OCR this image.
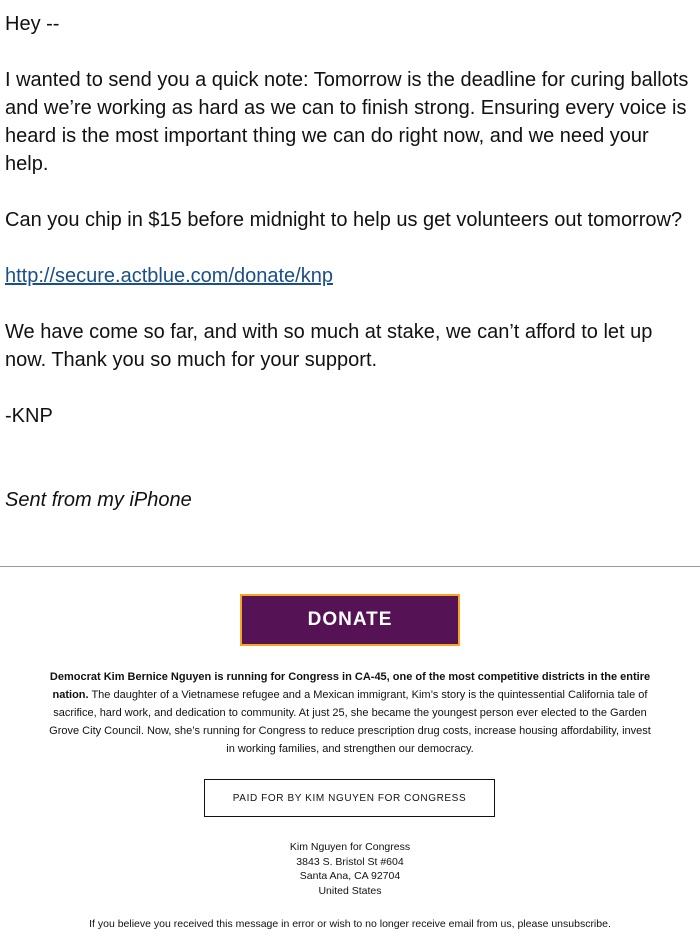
Hey --

I wanted to send you a quick note: Tomorrow is the deadline for curing ballots and we’re working as hard as we can to finish strong. Ensuring every voice is heard is the most important thing we can do right now, and we need your help.

Can you chip in $15 before midnight to help us get volunteers out tomorrow?

http://secure.actblue.com/donate/knp

We have come so far, and with so much at stake, we can’t afford to let up now. Thank you so much for your support.

-KNP

Sent from my iPhone

DONATE
Democrat Kim Bernice Nguyen is running for Congress in CA-45, one of the most competitive districts in the entire nation. The daughter of a Vietnamese refugee and a Mexican immigrant, Kim’s story is the quintessential California tale of sacrifice, hard work, and dedication to community. At just 25, she became the youngest person ever elected to the Garden Grove City Council. Now, she’s running for Congress to reduce prescription drug costs, increase housing affordability, invest in working families, and strengthen our democracy.
PAID FOR BY KIM NGUYEN FOR CONGRESS
Kim Nguyen for Congress
3843 S. Bristol St #604
Santa Ana, CA 92704
United States
If you believe you received this message in error or wish to no longer receive email from us, please unsubscribe.
